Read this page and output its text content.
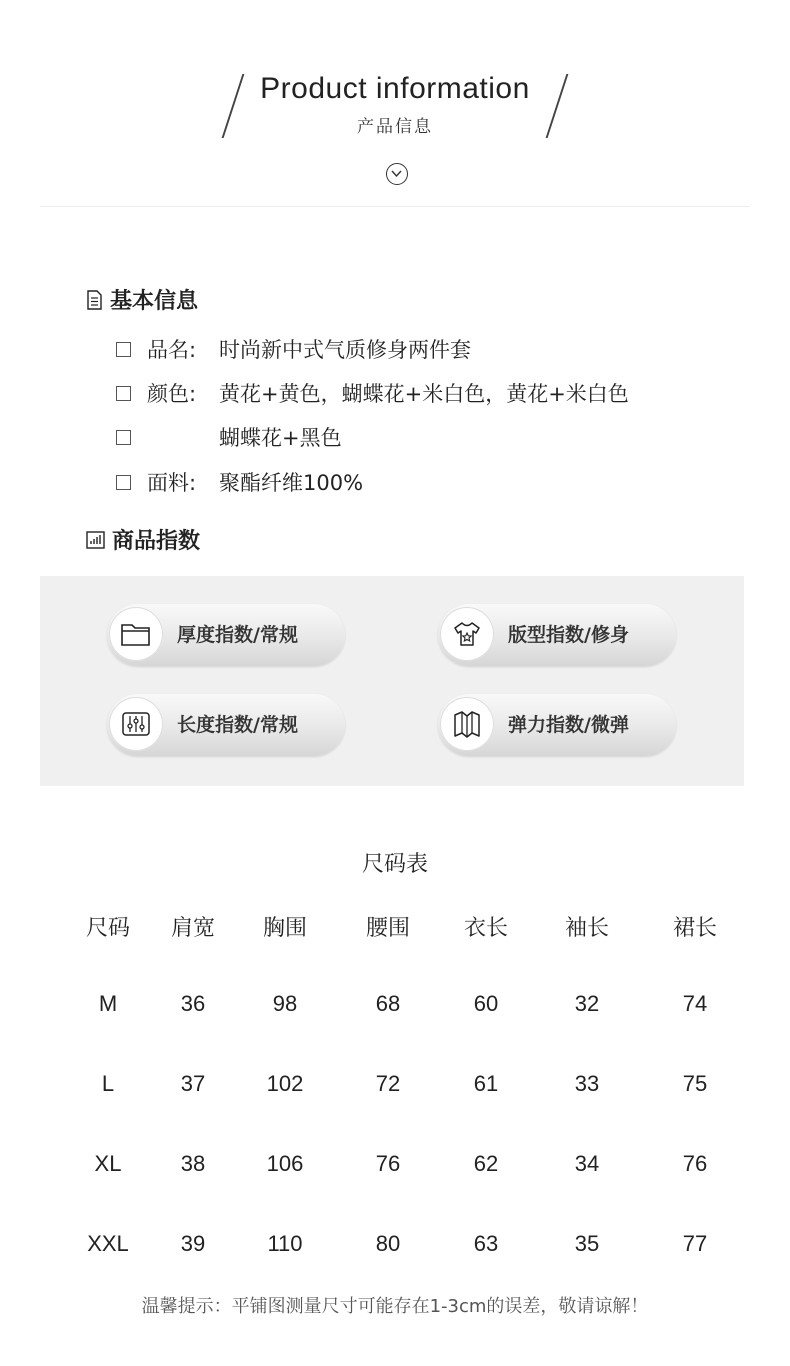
Product information
产品信息
基本信息
品名:	时尚新中式气质修身两件套
颜色:	黄花+黄色，蝴蝶花+米白色，黄花+米白色
蝴蝶花+黑色
面料:	聚酯纤维100%
商品指数
厚度指数/常规	版型指数/修身
长度指数/常规	弹力指数/微弹
尺码表
尺码	肩宽	胸围	腰围	衣长	袖长	裙长
M	36	98	68	60	32	74
L	37	102	72	61	33	75
XL	38	106	76	62	34	76
XXL	39	110	80	63	35	77
温馨提示：平铺图测量尺寸可能存在1-3cm的误差，敬请谅解！
